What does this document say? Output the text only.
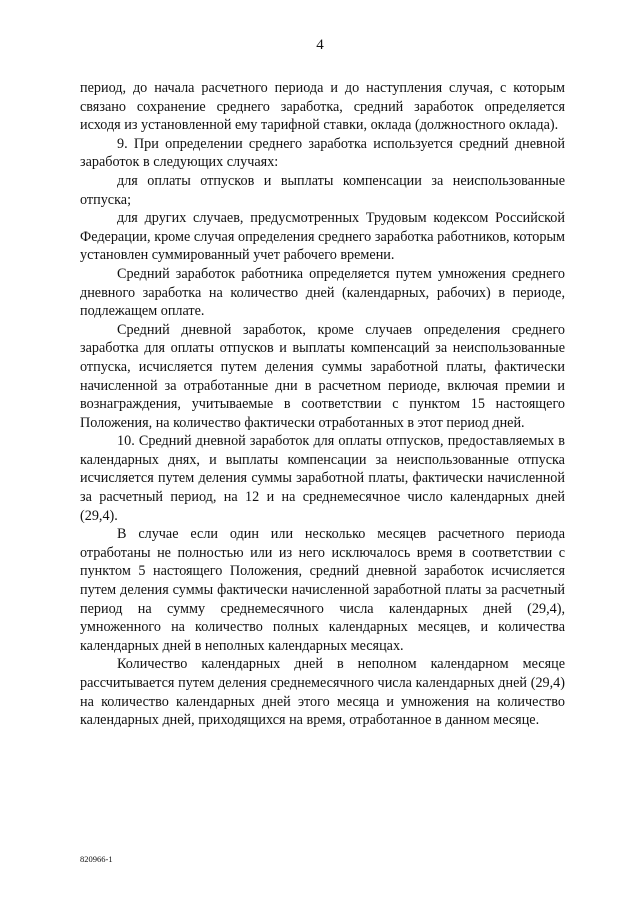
4

период, до начала расчетного периода и до наступления случая, с которым связано сохранение среднего заработка, средний заработок определяется исходя из установленной ему тарифной ставки, оклада (должностного оклада).

9. При определении среднего заработка используется средний дневной заработок в следующих случаях:

для оплаты отпусков и выплаты компенсации за неиспользованные отпуска;

для других случаев, предусмотренных Трудовым кодексом Российской Федерации, кроме случая определения среднего заработка работников, которым установлен суммированный учет рабочего времени.

Средний заработок работника определяется путем умножения среднего дневного заработка на количество дней (календарных, рабочих) в периоде, подлежащем оплате.

Средний дневной заработок, кроме случаев определения среднего заработка для оплаты отпусков и выплаты компенсаций за неиспользованные отпуска, исчисляется путем деления суммы заработной платы, фактически начисленной за отработанные дни в расчетном периоде, включая премии и вознаграждения, учитываемые в соответствии с пунктом 15 настоящего Положения, на количество фактически отработанных в этот период дней.

10. Средний дневной заработок для оплаты отпусков, предоставляемых в календарных днях, и выплаты компенсации за неиспользованные отпуска исчисляется путем деления суммы заработной платы, фактически начисленной за расчетный период, на 12 и на среднемесячное число календарных дней (29,4).

В случае если один или несколько месяцев расчетного периода отработаны не полностью или из него исключалось время в соответствии с пунктом 5 настоящего Положения, средний дневной заработок исчисляется путем деления суммы фактически начисленной заработной платы за расчетный период на сумму среднемесячного числа календарных дней (29,4), умноженного на количество полных календарных месяцев, и количества календарных дней в неполных календарных месяцах.

Количество календарных дней в неполном календарном месяце рассчитывается путем деления среднемесячного числа календарных дней (29,4) на количество календарных дней этого месяца и умножения на количество календарных дней, приходящихся на время, отработанное в данном месяце.

820966-1
